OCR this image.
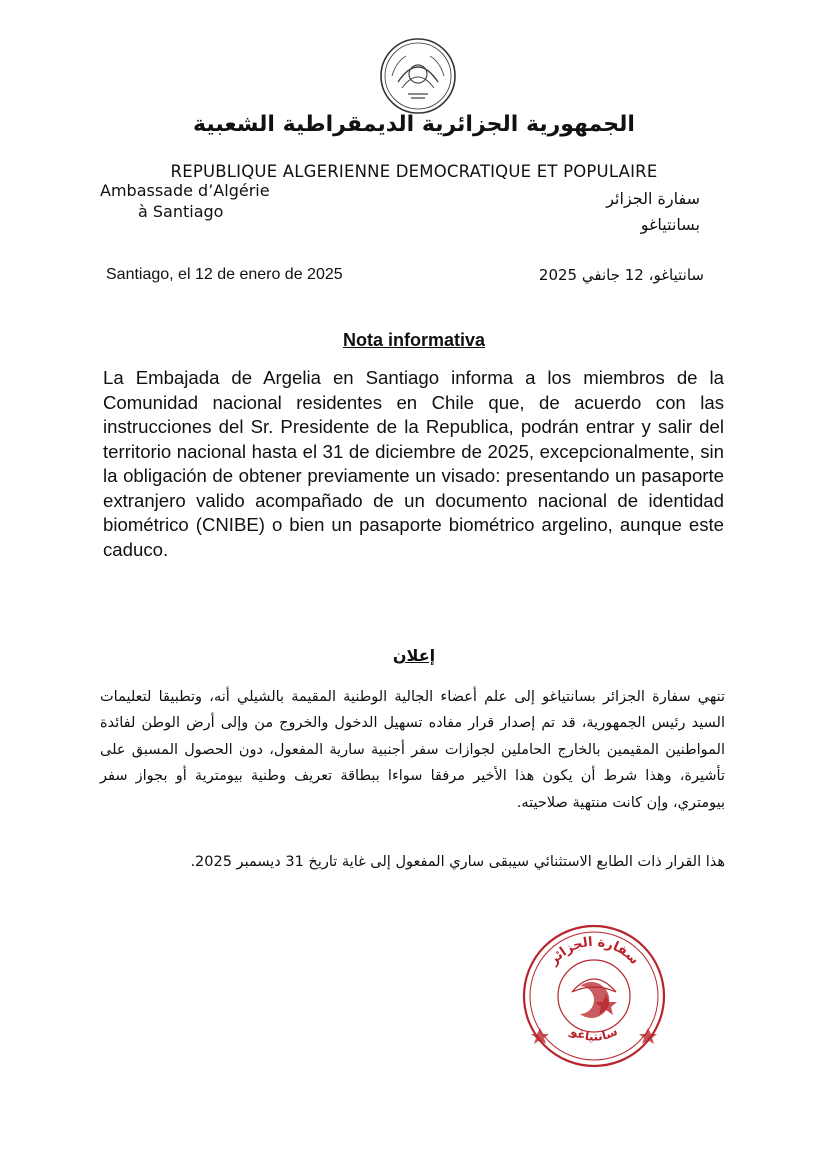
الجمهورية الجزائرية الديمقراطية الشعبية
REPUBLIQUE ALGERIENNE DEMOCRATIQUE ET POPULAIRE
Ambassade d’Algérie
à Santiago
سفارة الجزائر
بسانتياغو
Santiago, el 12 de enero de 2025	سانتياغو، 12 جانفي 2025
Nota informativa
La Embajada de Argelia en Santiago informa a los miembros de la Comunidad nacional residentes en Chile que, de acuerdo con las instrucciones del Sr. Presidente de la Republica, podrán entrar y salir del territorio nacional hasta el 31 de diciembre de 2025, excepcionalmente, sin la obligación de obtener previamente un visado: presentando un pasaporte extranjero valido acompañado de un documento nacional de identidad biométrico (CNIBE) o bien un pasaporte biométrico argelino, aunque este caduco.
إعلان
تنهي سفارة الجزائر بسانتياغو إلى علم أعضاء الجالية الوطنية المقيمة بالشيلي أنه، وتطبيقا لتعليمات السيد رئيس الجمهورية، قد تم إصدار قرار مفاده تسهيل الدخول والخروج من وإلى أرض الوطن لفائدة المواطنين المقيمين بالخارج الحاملين لجوازات سفر أجنبية سارية المفعول، دون الحصول المسبق على تأشيرة، وهذا شرط أن يكون هذا الأخير مرفقا سواءا ببطاقة تعريف وطنية بيومترية أو بجواز سفر بيومتري، وإن كانت منتهية صلاحيته.
هذا القرار ذات الطابع الاستثنائي سيبقى ساري المفعول إلى غاية تاريخ 31 ديسمبر 2025.
سفارة الجزائر
سانتياغو
